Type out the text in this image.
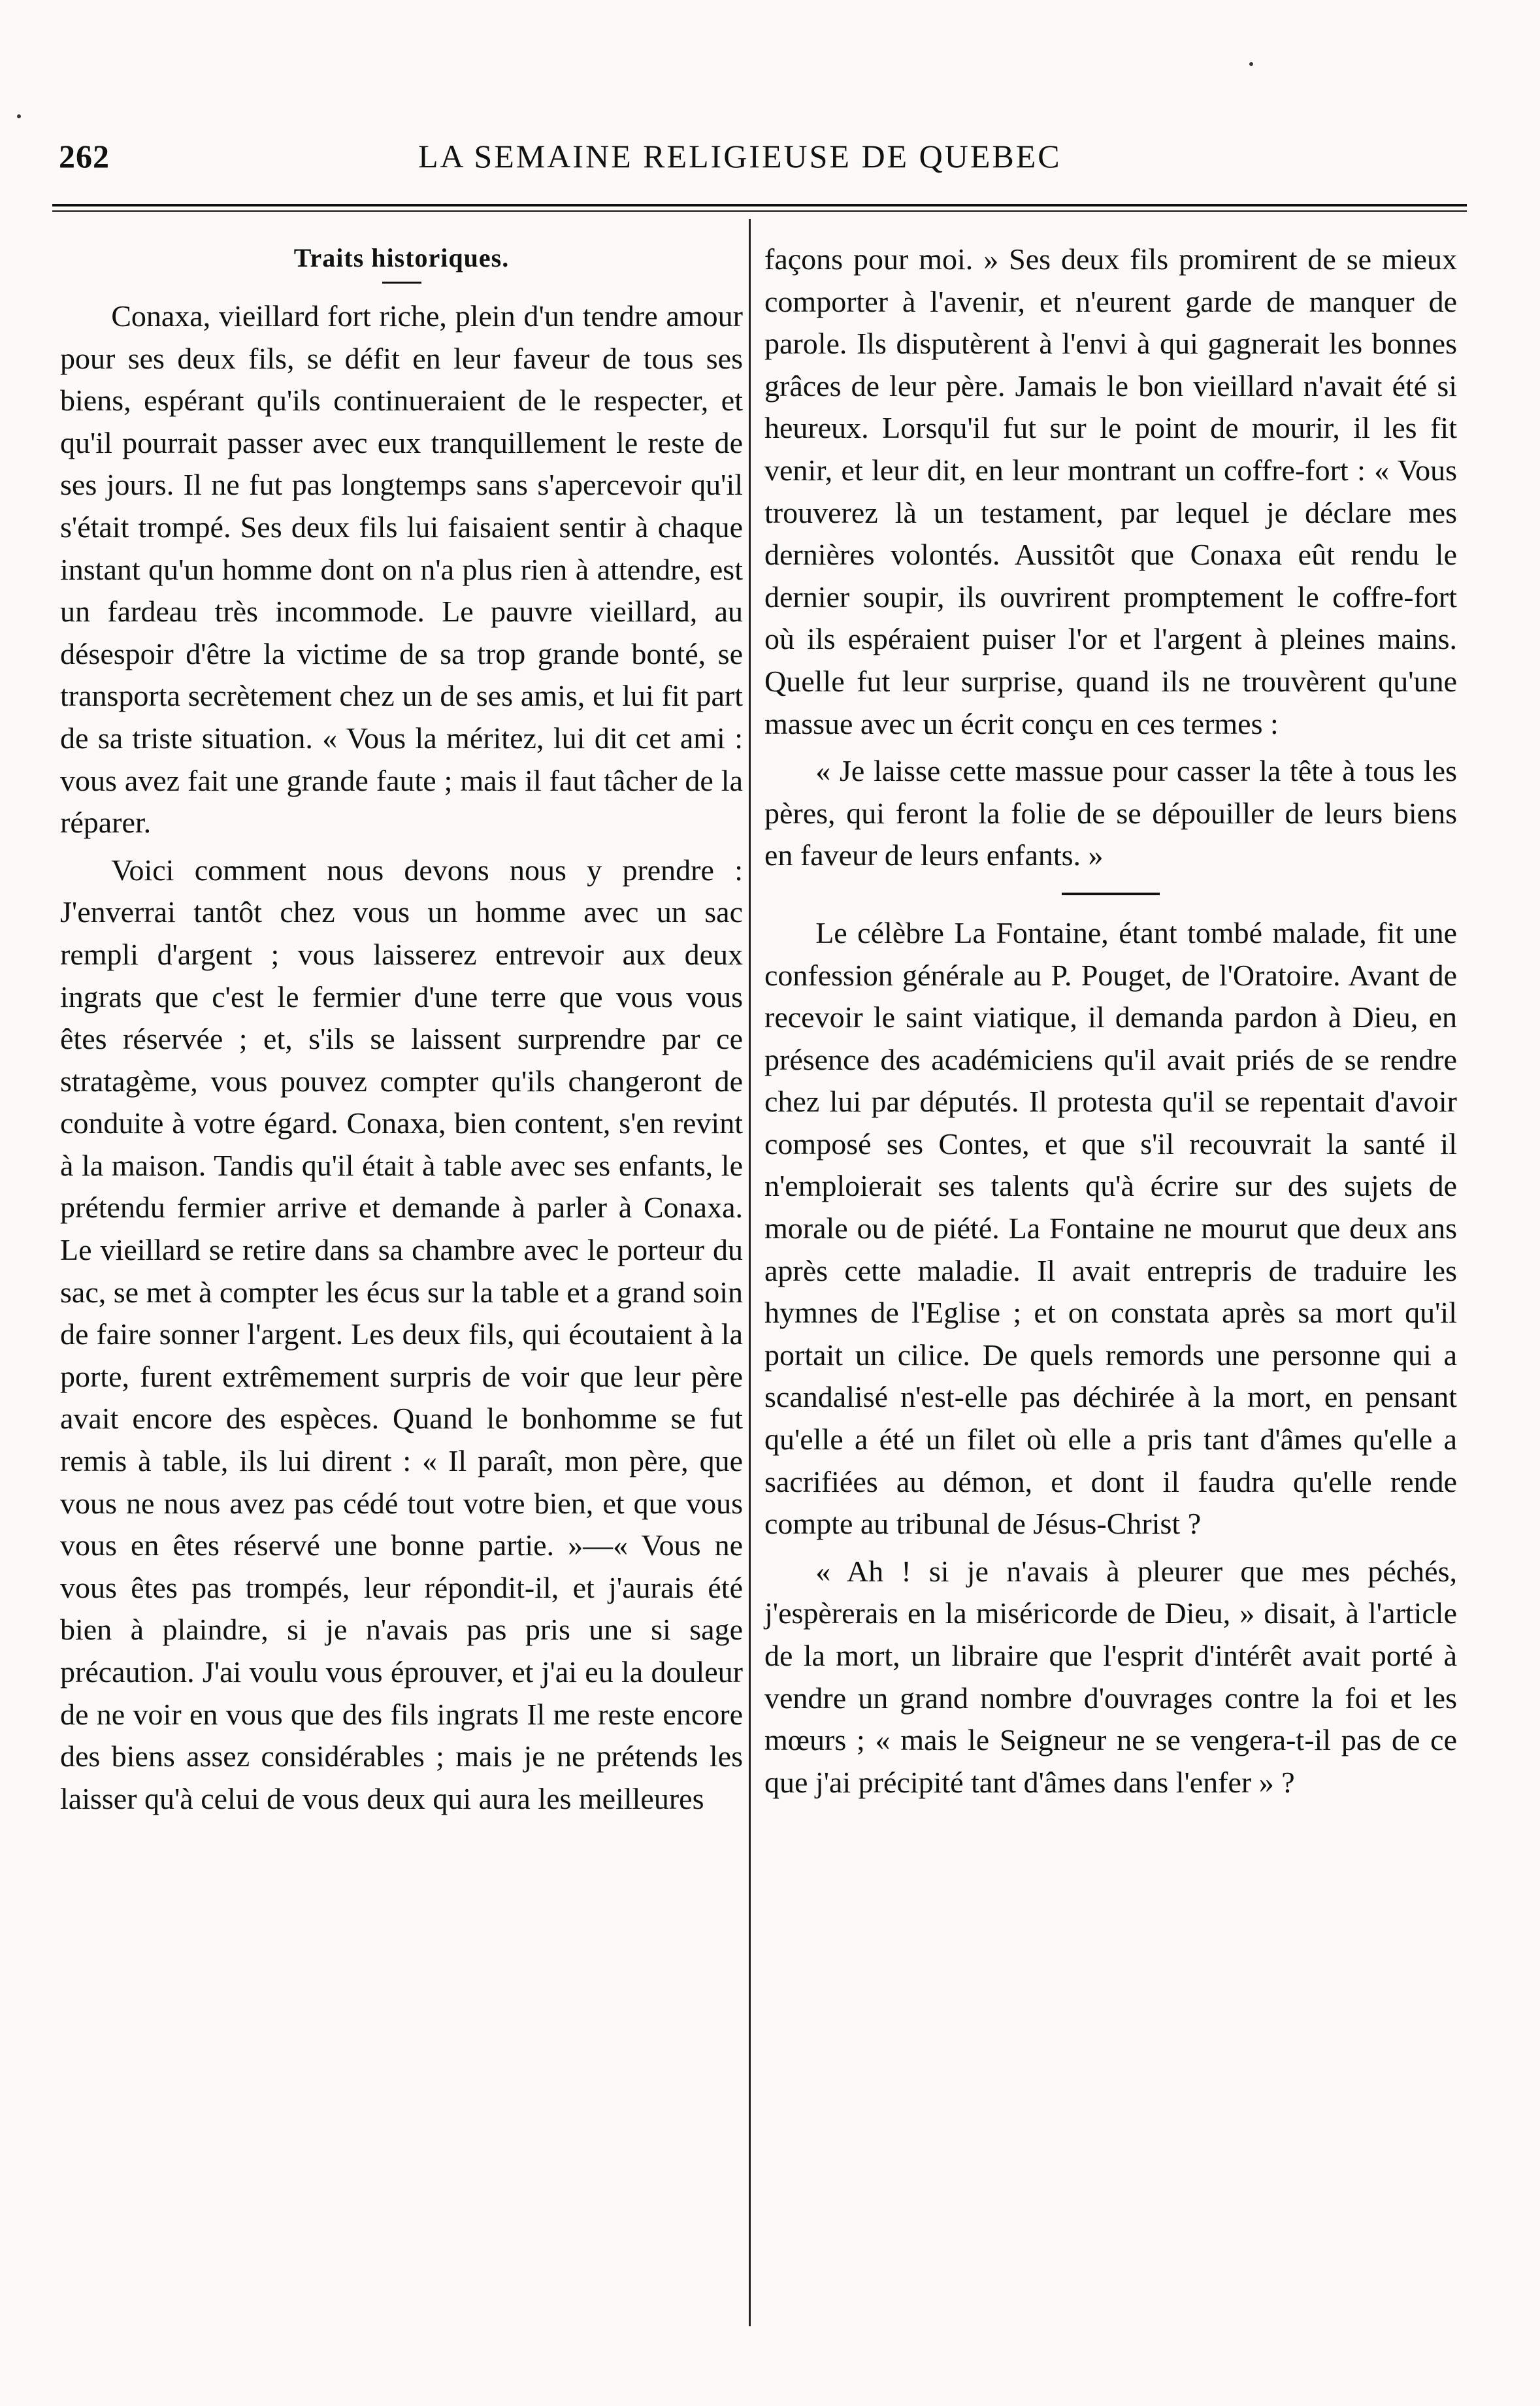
262	LA SEMAINE RELIGIEUSE DE QUEBEC
Traits historiques.

Conaxa, vieillard fort riche, plein d'un tendre amour pour ses deux fils, se défit en leur faveur de tous ses biens, espérant qu'ils continueraient de le respecter, et qu'il pourrait passer avec eux tranquillement le reste de ses jours. Il ne fut pas longtemps sans s'apercevoir qu'il s'était trompé. Ses deux fils lui faisaient sentir à chaque instant qu'un homme dont on n'a plus rien à attendre, est un fardeau très incommode. Le pauvre vieillard, au désespoir d'être la victime de sa trop grande bonté, se transporta secrètement chez un de ses amis, et lui fit part de sa triste situation. « Vous la méritez, lui dit cet ami : vous avez fait une grande faute ; mais il faut tâcher de la réparer.

Voici comment nous devons nous y prendre : J'enverrai tantôt chez vous un homme avec un sac rempli d'argent ; vous laisserez entrevoir aux deux ingrats que c'est le fermier d'une terre que vous vous êtes réservée ; et, s'ils se laissent surprendre par ce stratagème, vous pouvez compter qu'ils changeront de conduite à votre égard. Conaxa, bien content, s'en revint à la maison. Tandis qu'il était à table avec ses enfants, le prétendu fermier arrive et demande à parler à Conaxa. Le vieillard se retire dans sa chambre avec le porteur du sac, se met à compter les écus sur la table et a grand soin de faire sonner l'argent. Les deux fils, qui écoutaient à la porte, furent extrêmement surpris de voir que leur père avait encore des espèces. Quand le bonhomme se fut remis à table, ils lui dirent : « Il paraît, mon père, que vous ne nous avez pas cédé tout votre bien, et que vous vous en êtes réservé une bonne partie. »—« Vous ne vous êtes pas trompés, leur répondit-il, et j'aurais été bien à plaindre, si je n'avais pas pris une si sage précaution. J'ai voulu vous éprouver, et j'ai eu la douleur de ne voir en vous que des fils ingrats Il me reste encore des biens assez considérables ; mais je ne prétends les laisser qu'à celui de vous deux qui aura les meilleures

façons pour moi. » Ses deux fils promirent de se mieux comporter à l'avenir, et n'eurent garde de manquer de parole. Ils disputèrent à l'envi à qui gagnerait les bonnes grâces de leur père. Jamais le bon vieillard n'avait été si heureux. Lorsqu'il fut sur le point de mourir, il les fit venir, et leur dit, en leur montrant un coffre-fort : « Vous trouverez là un testament, par lequel je déclare mes dernières volontés. Aussitôt que Conaxa eût rendu le dernier soupir, ils ouvrirent promptement le coffre-fort où ils espéraient puiser l'or et l'argent à pleines mains. Quelle fut leur surprise, quand ils ne trouvèrent qu'une massue avec un écrit conçu en ces termes :

« Je laisse cette massue pour casser la tête à tous les pères, qui feront la folie de se dépouiller de leurs biens en faveur de leurs enfants. »

Le célèbre La Fontaine, étant tombé malade, fit une confession générale au P. Pouget, de l'Oratoire. Avant de recevoir le saint viatique, il demanda pardon à Dieu, en présence des académiciens qu'il avait priés de se rendre chez lui par députés. Il protesta qu'il se repentait d'avoir composé ses Contes, et que s'il recouvrait la santé il n'emploierait ses talents qu'à écrire sur des sujets de morale ou de piété. La Fontaine ne mourut que deux ans après cette maladie. Il avait entrepris de traduire les hymnes de l'Eglise ; et on constata après sa mort qu'il portait un cilice. De quels remords une personne qui a scandalisé n'est-elle pas déchirée à la mort, en pensant qu'elle a été un filet où elle a pris tant d'âmes qu'elle a sacrifiées au démon, et dont il faudra qu'elle rende compte au tribunal de Jésus-Christ ?

« Ah ! si je n'avais à pleurer que mes péchés, j'espèrerais en la miséricorde de Dieu, » disait, à l'article de la mort, un libraire que l'esprit d'intérêt avait porté à vendre un grand nombre d'ouvrages contre la foi et les mœurs ; « mais le Seigneur ne se vengera-t-il pas de ce que j'ai précipité tant d'âmes dans l'enfer » ?
